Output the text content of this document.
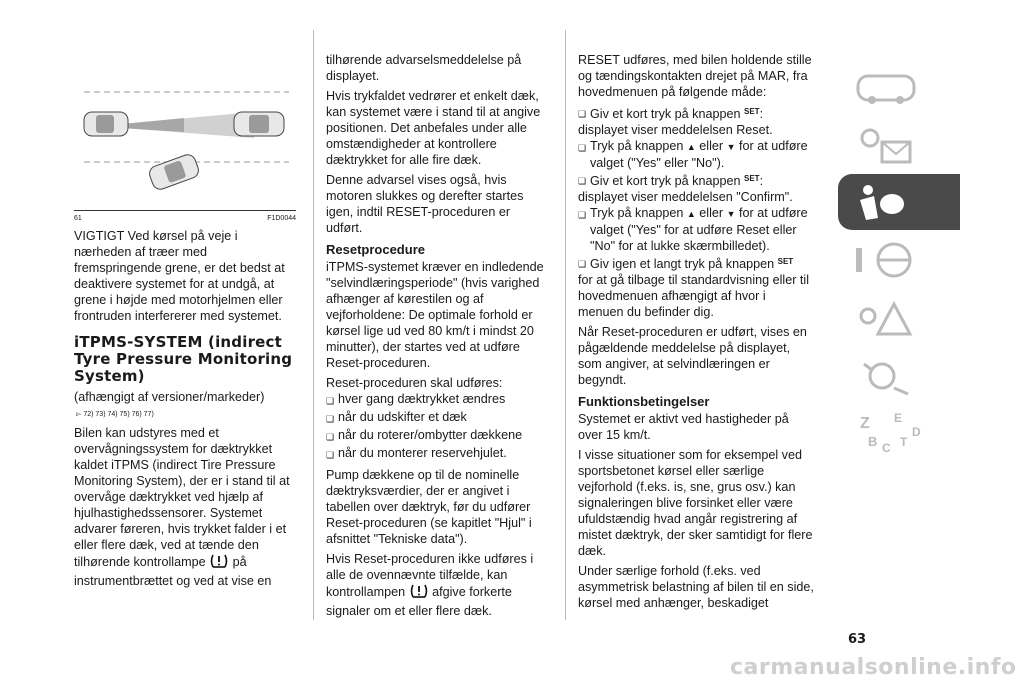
61	F1D0044

VIGTIGT Ved kørsel på veje i nærheden af træer med fremspringende grene, er det bedst at deaktivere systemet for at undgå, at grene i højde med motorhjelmen eller frontruden interfererer med systemet.

iTPMS-SYSTEM (indirect Tyre Pressure Monitoring System)

(afhængigt af versioner/markeder)

▻ 72) 73) 74) 75) 76) 77)

Bilen kan udstyres med et overvågningssystem for dæktrykket kaldet iTPMS (indirect Tire Pressure Monitoring System), der er i stand til at overvåge dæktrykket ved hjælp af hjulhastighedssensorer. Systemet advarer føreren, hvis trykket falder i et eller flere dæk, ved at tænde den tilhørende kontrollampe på instrumentbrættet og ved at vise en

tilhørende advarselsmeddelelse på displayet.

Hvis trykfaldet vedrører et enkelt dæk, kan systemet være i stand til at angive positionen. Det anbefales under alle omstændigheder at kontrollere dæktrykket for alle fire dæk.

Denne advarsel vises også, hvis motoren slukkes og derefter startes igen, indtil RESET-proceduren er udført.

Resetprocedure

iTPMS-systemet kræver en indledende "selvindlæringsperiode" (hvis varighed afhænger af kørestilen og af vejforholdene: De optimale forhold er kørsel lige ud ved 80 km/t i mindst 20 minutter), der startes ved at udføre Reset-proceduren.

Reset-proceduren skal udføres:

❏ hver gang dæktrykket ændres
❏ når du udskifter et dæk
❏ når du roterer/ombytter dækkene
❏ når du monterer reservehjulet.

Pump dækkene op til de nominelle dæktryksværdier, der er angivet i tabellen over dæktryk, før du udfører Reset-proceduren (se kapitlet "Hjul" i afsnittet "Tekniske data").

Hvis Reset-proceduren ikke udføres i alle de ovennævnte tilfælde, kan kontrollampen afgive forkerte signaler om et eller flere dæk.

RESET udføres, med bilen holdende stille og tændingskontakten drejet på MAR, fra hovedmenuen på følgende måde:

❏ Giv et kort tryk på knappen $^{SET}$:

displayet viser meddelelsen Reset.

❏ Tryk på knappen ▲ eller ▼ for at udføre valget ("Yes" eller "No").
❏ Giv et kort tryk på knappen $^{SET}$:

displayet viser meddelelsen "Confirm".

❏ Tryk på knappen ▲ eller ▼ for at udføre valget ("Yes" for at udføre Reset eller "No" for at lukke skærmbilledet).
❏ Giv igen et langt tryk på knappen $^{SET}$

for at gå tilbage til standardvisning eller til hovedmenuen afhængigt af hvor i menuen du befinder dig.

Når Reset-proceduren er udført, vises en pågældende meddelelse på displayet, som angiver, at selvindlæringen er begyndt.

Funktionsbetingelser

Systemet er aktivt ved hastigheder på over 15 km/t.

I visse situationer som for eksempel ved sportsbetonet kørsel eller særlige vejforhold (f.eks. is, sne, grus osv.) kan signaleringen blive forsinket eller være ufuldstændig hvad angår registrering af mistet dæktryk, der sker samtidigt for flere dæk.

Under særlige forhold (f.eks. ved asymmetrisk belastning af bilen til en side, kørsel med anhænger, beskadiget

Z E
B C T
D
63
carmanualsonline.info
